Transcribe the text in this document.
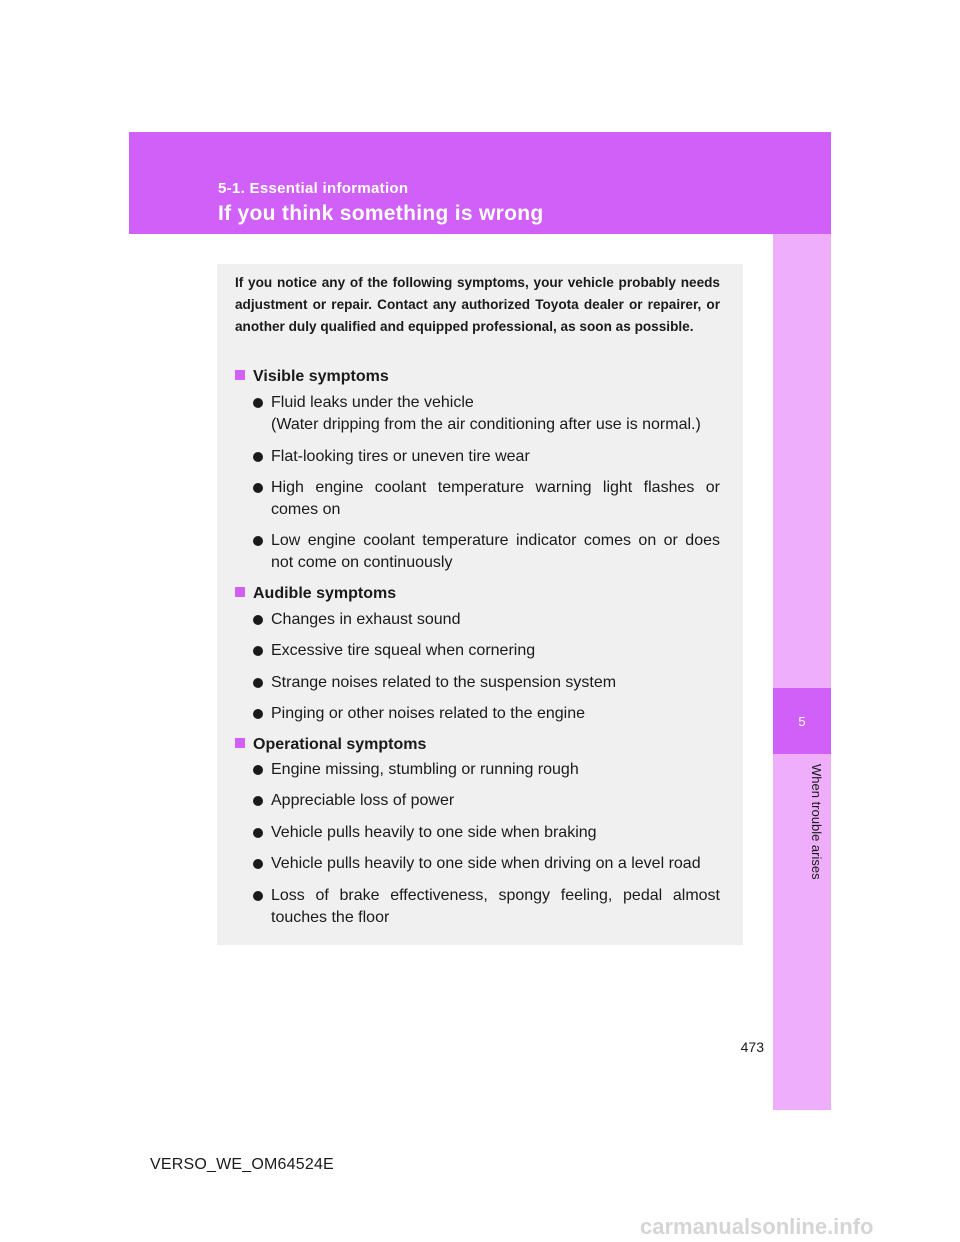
5-1. Essential information
If you think something is wrong
5
When trouble arises
If you notice any of the following symptoms, your vehicle probably needs adjustment or repair. Contact any authorized Toyota dealer or repairer, or another duly qualified and equipped professional, as soon as possible.
Visible symptoms
Fluid leaks under the vehicle
(Water dripping from the air conditioning after use is normal.)
Flat-looking tires or uneven tire wear
High engine coolant temperature warning light flashes or comes on
Low engine coolant temperature indicator comes on or does not come on continuously
Audible symptoms
Changes in exhaust sound
Excessive tire squeal when cornering
Strange noises related to the suspension system
Pinging or other noises related to the engine
Operational symptoms
Engine missing, stumbling or running rough
Appreciable loss of power
Vehicle pulls heavily to one side when braking
Vehicle pulls heavily to one side when driving on a level road
Loss of brake effectiveness, spongy feeling, pedal almost touches the floor
473
VERSO_WE_OM64524E
carmanualsonline.info
